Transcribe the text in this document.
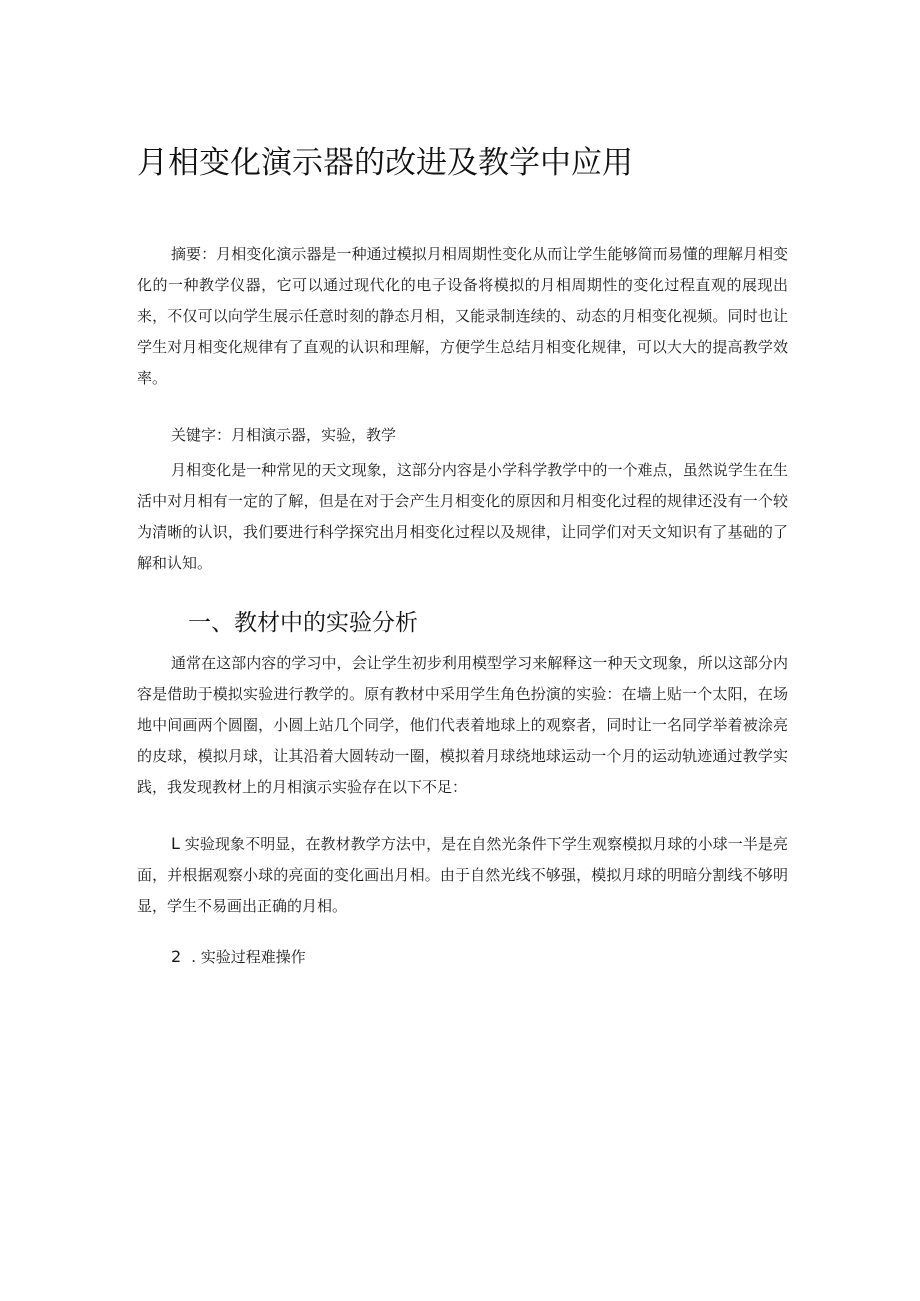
月相变化演示器的改进及教学中应用

摘要：月相变化演示器是一种通过模拟月相周期性变化从而让学生能够简而易懂的理解月相变化的一种教学仪器，它可以通过现代化的电子设备将模拟的月相周期性的变化过程直观的展现出来，不仅可以向学生展示任意时刻的静态月相，又能录制连续的、动态的月相变化视频。同时也让学生对月相变化规律有了直观的认识和理解，方便学生总结月相变化规律，可以大大的提高教学效率。

关键字：月相演示器，实验，教学

月相变化是一种常见的天文现象，这部分内容是小学科学教学中的一个难点，虽然说学生在生活中对月相有一定的了解，但是在对于会产生月相变化的原因和月相变化过程的规律还没有一个较为清晰的认识，我们要进行科学探究出月相变化过程以及规律，让同学们对天文知识有了基础的了解和认知。

一、教材中的实验分析

通常在这部内容的学习中，会让学生初步利用模型学习来解释这一种天文现象，所以这部分内容是借助于模拟实验进行教学的。原有教材中采用学生角色扮演的实验：在墙上贴一个太阳，在场地中间画两个圆圈，小圆上站几个同学，他们代表着地球上的观察者，同时让一名同学举着被涂亮的皮球，模拟月球，让其沿着大圆转动一圈，模拟着月球绕地球运动一个月的运动轨迹通过教学实践，我发现教材上的月相演示实验存在以下不足：

L 实验现象不明显，在教材教学方法中，是在自然光条件下学生观察模拟月球的小球一半是亮面，并根据观察小球的亮面的变化画出月相。由于自然光线不够强，模拟月球的明暗分割线不够明显，学生不易画出正确的月相。

2 . 实验过程难操作
